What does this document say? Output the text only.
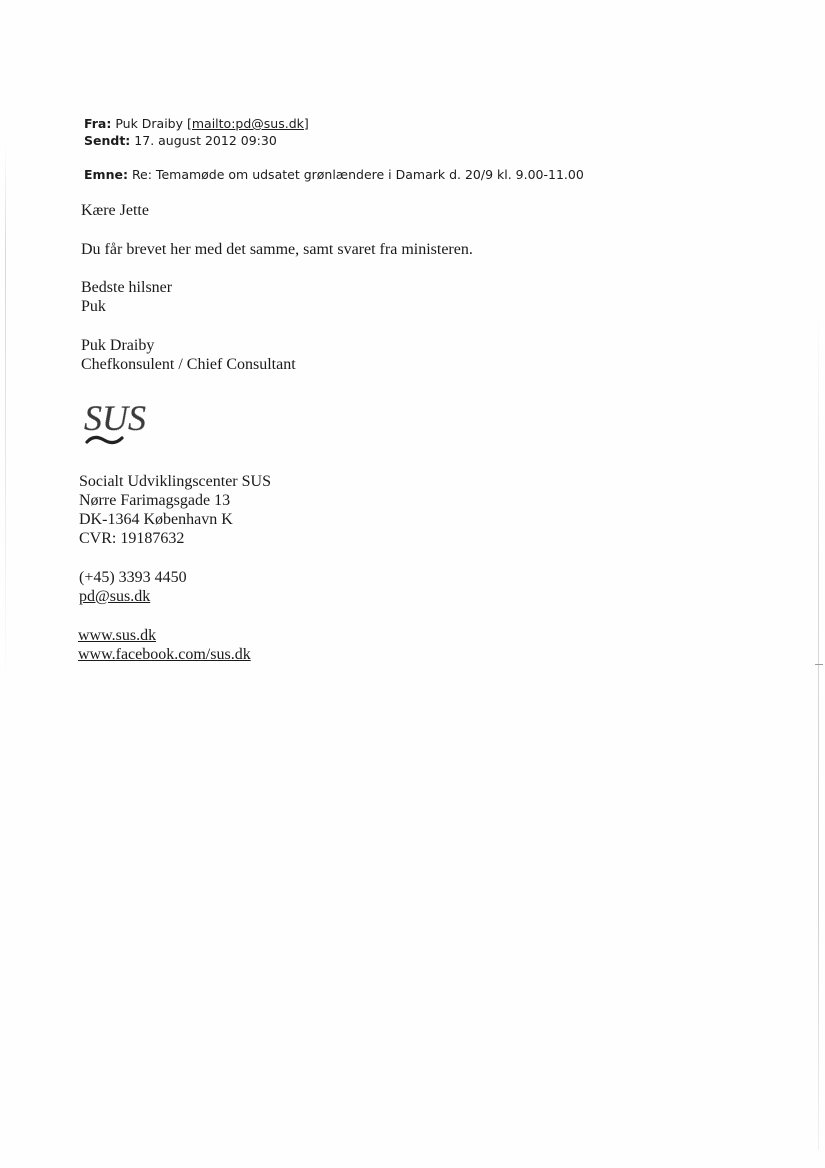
Fra: Puk Draiby [mailto:pd@sus.dk]
Sendt: 17. august 2012 09:30
Emne: Re: Temamøde om udsatet grønlændere i Damark d. 20/9 kl. 9.00-11.00
Kære Jette
Du får brevet her med det samme, samt svaret fra ministeren.
Bedste hilsner
Puk
Puk Draiby
Chefkonsulent / Chief Consultant
SUS
Socialt Udviklingscenter SUS
Nørre Farimagsgade 13
DK-1364 København K
CVR: 19187632
(+45) 3393 4450
pd@sus.dk
www.sus.dk
www.facebook.com/sus.dk
